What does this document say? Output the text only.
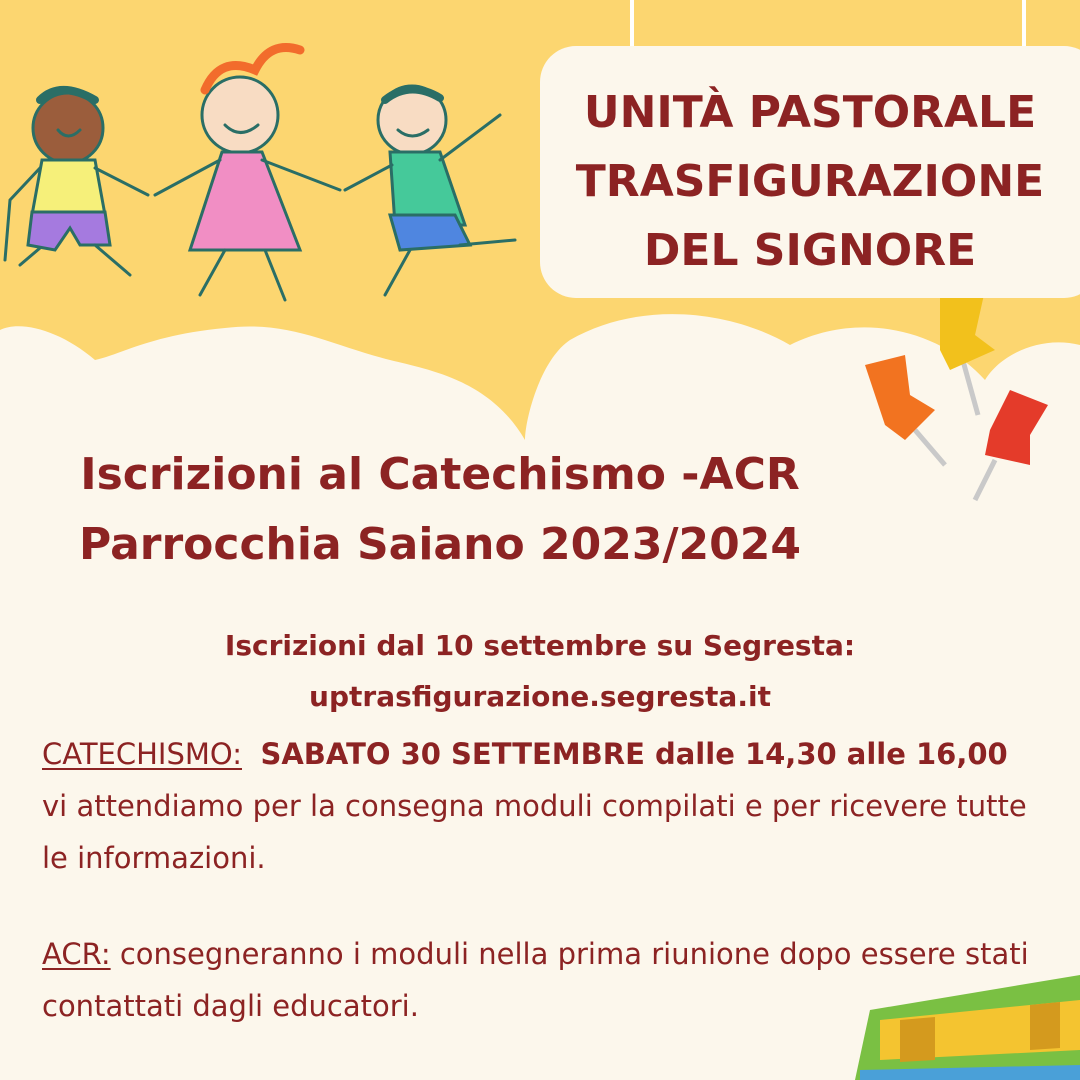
UNITÀ PASTORALE
TRASFIGURAZIONE
DEL SIGNORE
Iscrizioni al Catechismo -ACR
Parrocchia Saiano 2023/2024
Iscrizioni dal 10 settembre su Segresta:
uptrasfigurazione.segresta.it
CATECHISMO: SABATO 30 SETTEMBRE dalle 14,30 alle 16,00 vi attendiamo per la consegna moduli compilati e per ricevere tutte le informazioni.
ACR: consegneranno i moduli nella prima riunione dopo essere stati contattati dagli educatori.
